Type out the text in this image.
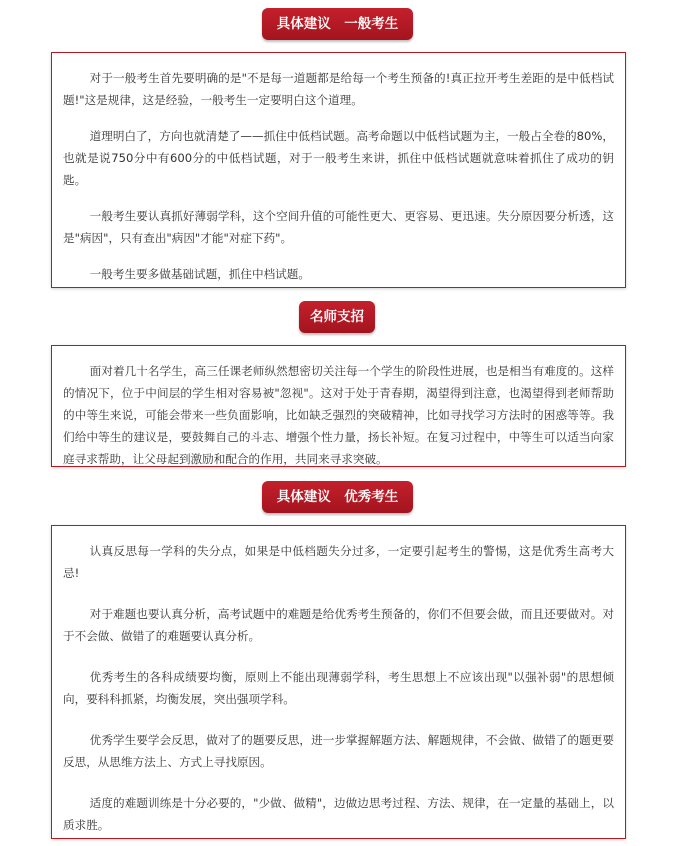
具体建议　一般考生

对于一般考生首先要明确的是"不是每一道题都是给每一个考生预备的!真正拉开考生差距的是中低档试题!"这是规律，这是经验，一般考生一定要明白这个道理。

道理明白了，方向也就清楚了——抓住中低档试题。高考命题以中低档试题为主，一般占全卷的80%，也就是说750分中有600分的中低档试题，对于一般考生来讲，抓住中低档试题就意味着抓住了成功的钥匙。

一般考生要认真抓好薄弱学科，这个空间升值的可能性更大、更容易、更迅速。失分原因要分析透，这是"病因"，只有查出"病因"才能"对症下药"。

一般考生要多做基础试题，抓住中档试题。

名师支招

面对着几十名学生，高三任课老师纵然想密切关注每一个学生的阶段性进展，也是相当有难度的。这样的情况下，位于中间层的学生相对容易被"忽视"。这对于处于青春期，渴望得到注意，也渴望得到老师帮助的中等生来说，可能会带来一些负面影响，比如缺乏强烈的突破精神，比如寻找学习方法时的困惑等等。我们给中等生的建议是，要鼓舞自己的斗志、增强个性力量，扬长补短。在复习过程中，中等生可以适当向家庭寻求帮助，让父母起到激励和配合的作用，共同来寻求突破。

具体建议　优秀考生

认真反思每一学科的失分点，如果是中低档题失分过多，一定要引起考生的警惕，这是优秀生高考大忌!

对于难题也要认真分析，高考试题中的难题是给优秀考生预备的，你们不但要会做，而且还要做对。对于不会做、做错了的难题要认真分析。

优秀考生的各科成绩要均衡，原则上不能出现薄弱学科，考生思想上不应该出现"以强补弱"的思想倾向，要科科抓紧，均衡发展，突出强项学科。

优秀学生要学会反思，做对了的题要反思，进一步掌握解题方法、解题规律，不会做、做错了的题更要反思，从思维方法上、方式上寻找原因。

适度的难题训练是十分必要的，"少做、做精"，边做边思考过程、方法、规律，在一定量的基础上，以质求胜。
